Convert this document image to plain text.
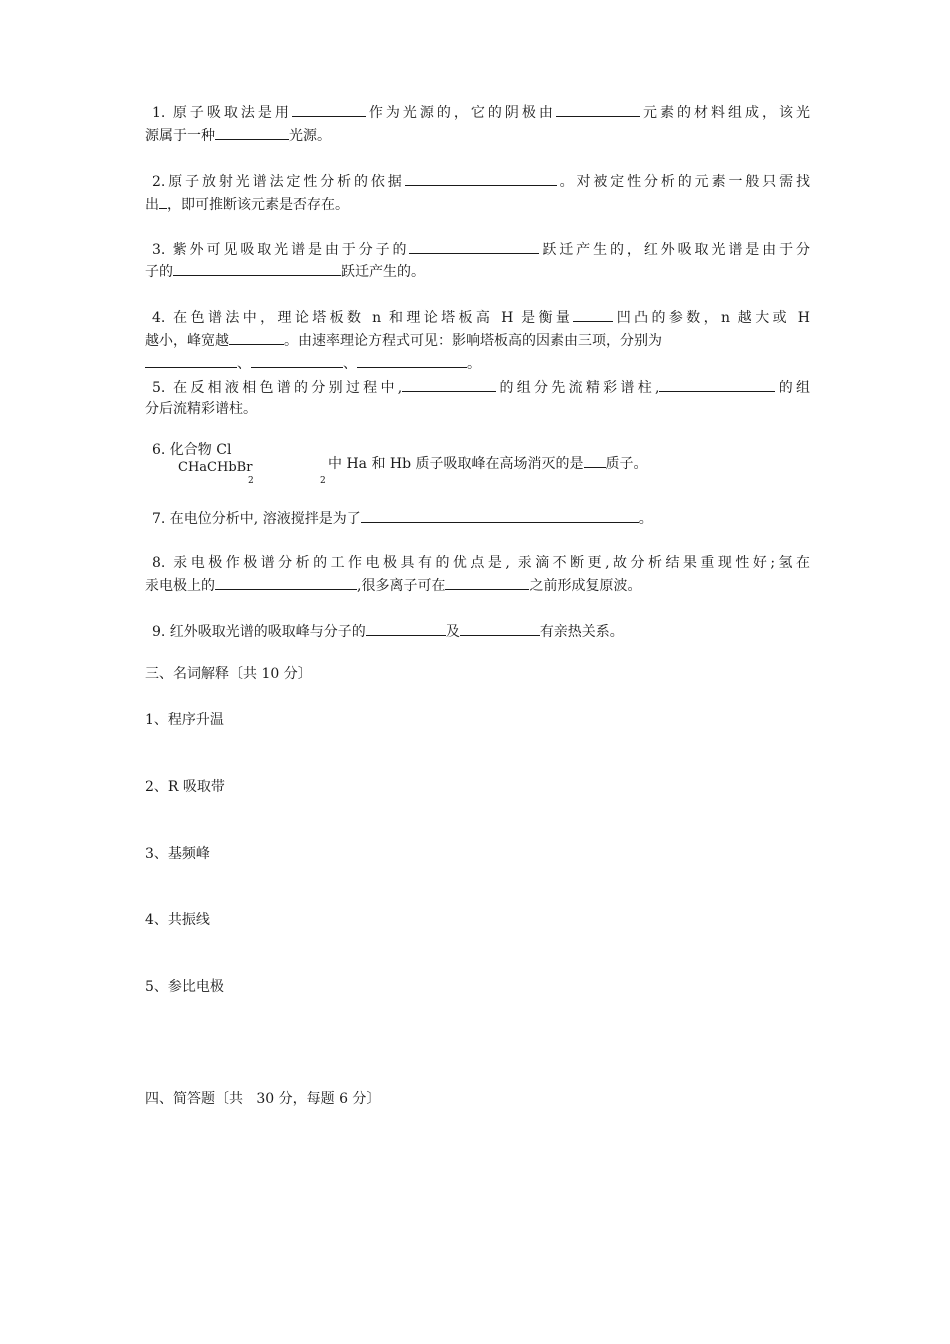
1. 原子吸取法是用	作为光源的，它的阴极由	元素的材料组成，该光
源属于一种	光源。
2.原子放射光谱法定性分析的依据	。对被定性分析的元素一般只需找
出 ，即可推断该元素是否存在。
3. 紫外可见吸取光谱是由于分子的	跃迁产生的，红外吸取光谱是由于分
子的	跃迁产生的。
4. 在色谱法中，理论塔板数 n 和理论塔板高 H 是衡量	凹凸的参数，n 越大或 H
越小，峰宽越	。由速率理论方程式可见：影响塔板高的因素由三项，分别为
、	、	。
5. 在反相液相色谱的分别过程中,	的组分先流精彩谱柱,	的组
分后流精彩谱柱。
6. 化合物 Cl
CHaCHbBr
2	2
中 Ha 和 Hb 质子吸取峰在高场消灭的是 质子。
7. 在电位分析中, 溶液搅拌是为了	。
8. 汞电极作极谱分析的工作电极具有的优点是, 汞滴不断更,故分析结果重现性好;氢在
汞电极上的	,很多离子可在	之前形成复原波。
9. 红外吸取光谱的吸取峰与分子的	及	有亲热关系。
三、名词解释〔共 10 分〕
1、程序升温
2、R 吸取带
3、基频峰
4、共振线
5、参比电极
四、简答题〔共   30 分，每题 6 分〕
